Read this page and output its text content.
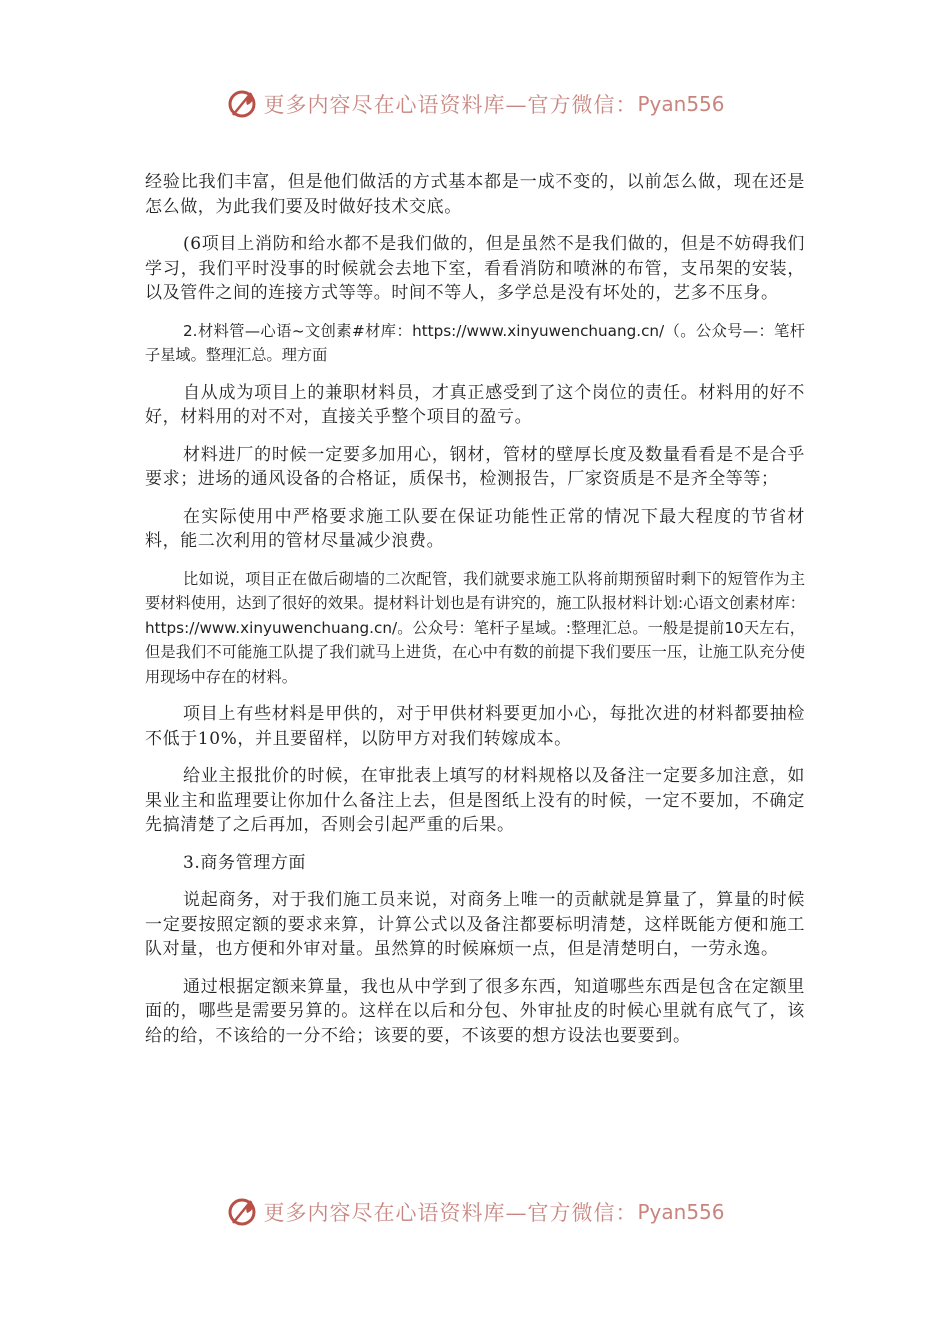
更多内容尽在心语资料库—官方微信： Pyan556

经验比我们丰富，但是他们做活的方式基本都是一成不变的，以前怎么做，现在还是怎么做，为此我们要及时做好技术交底。

(6项目上消防和给水都不是我们做的，但是虽然不是我们做的，但是不妨碍我们学习，我们平时没事的时候就会去地下室，看看消防和喷淋的布管，支吊架的安装，以及管件之间的连接方式等等。时间不等人，多学总是没有坏处的，艺多不压身。

2.材料管—心语~文创素#材库：https://www.xinyuwenchuang.cn/（。公众号—：笔杆子星域。整理汇总。理方面

自从成为项目上的兼职材料员，才真正感受到了这个岗位的责任。材料用的好不好，材料用的对不对，直接关乎整个项目的盈亏。

材料进厂的时候一定要多加用心，钢材，管材的壁厚长度及数量看看是不是合乎要求；进场的通风设备的合格证，质保书，检测报告，厂家资质是不是齐全等等；

在实际使用中严格要求施工队要在保证功能性正常的情况下最大程度的节省材料，能二次利用的管材尽量减少浪费。

比如说，项目正在做后砌墙的二次配管，我们就要求施工队将前期预留时剩下的短管作为主要材料使用，达到了很好的效果。提材料计划也是有讲究的，施工队报材料计划:心语文创素材库：https://www.xinyuwenchuang.cn/。公众号：笔杆子星域。:整理汇总。一般是提前10天左右，但是我们不可能施工队提了我们就马上进货，在心中有数的前提下我们要压一压，让施工队充分使用现场中存在的材料。

项目上有些材料是甲供的，对于甲供材料要更加小心，每批次进的材料都要抽检不低于10%，并且要留样，以防甲方对我们转嫁成本。

给业主报批价的时候，在审批表上填写的材料规格以及备注一定要多加注意，如果业主和监理要让你加什么备注上去，但是图纸上没有的时候，一定不要加，不确定先搞清楚了之后再加，否则会引起严重的后果。

3.商务管理方面

说起商务，对于我们施工员来说，对商务上唯一的贡献就是算量了，算量的时候一定要按照定额的要求来算，计算公式以及备注都要标明清楚，这样既能方便和施工队对量，也方便和外审对量。虽然算的时候麻烦一点，但是清楚明白，一劳永逸。

通过根据定额来算量，我也从中学到了很多东西，知道哪些东西是包含在定额里面的，哪些是需要另算的。这样在以后和分包、外审扯皮的时候心里就有底气了，该给的给，不该给的一分不给；该要的要，不该要的想方设法也要要到。

更多内容尽在心语资料库—官方微信： Pyan556
